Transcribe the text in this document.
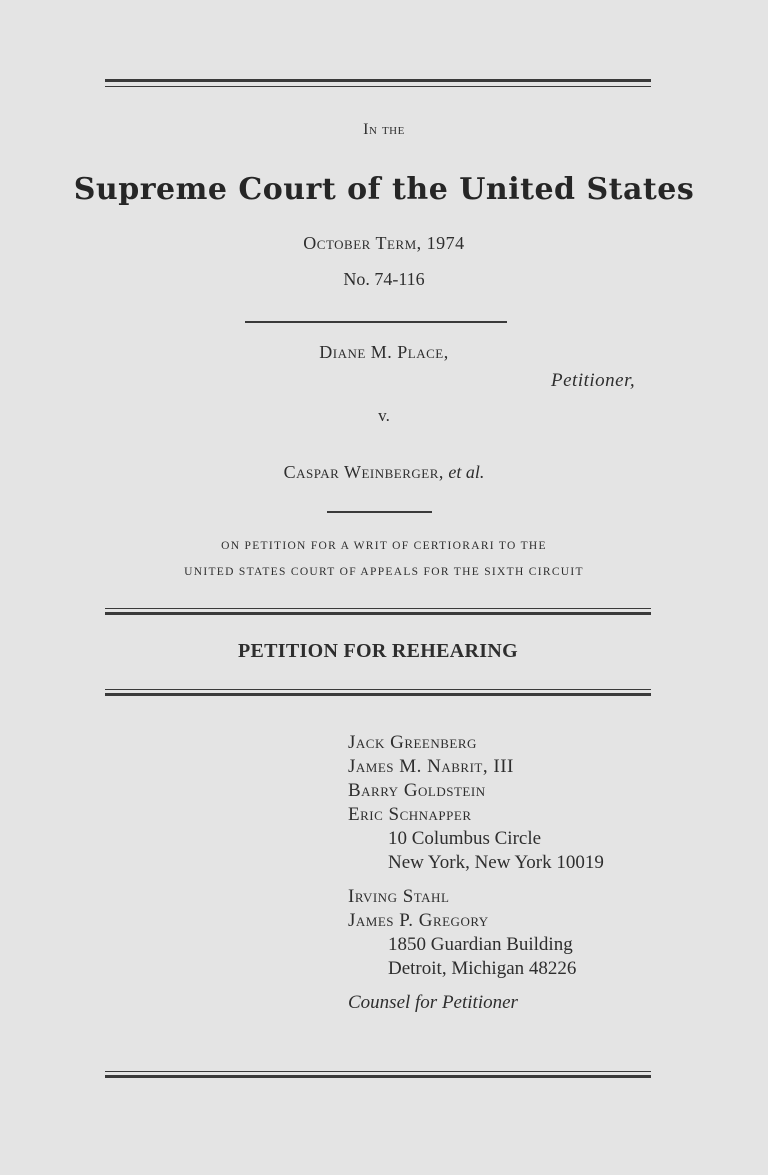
In the
Supreme Court of the United States
October Term, 1974
No. 74-116
Diane M. Place,
Petitioner,
v.
Caspar Weinberger, et al.
ON PETITION FOR A WRIT OF CERTIORARI TO THE
UNITED STATES COURT OF APPEALS FOR THE SIXTH CIRCUIT
PETITION FOR REHEARING
Jack Greenberg
James M. Nabrit, III
Barry Goldstein
Eric Schnapper
10 Columbus Circle
New York, New York 10019
Irving Stahl
James P. Gregory
1850 Guardian Building
Detroit, Michigan 48226
Counsel for Petitioner
